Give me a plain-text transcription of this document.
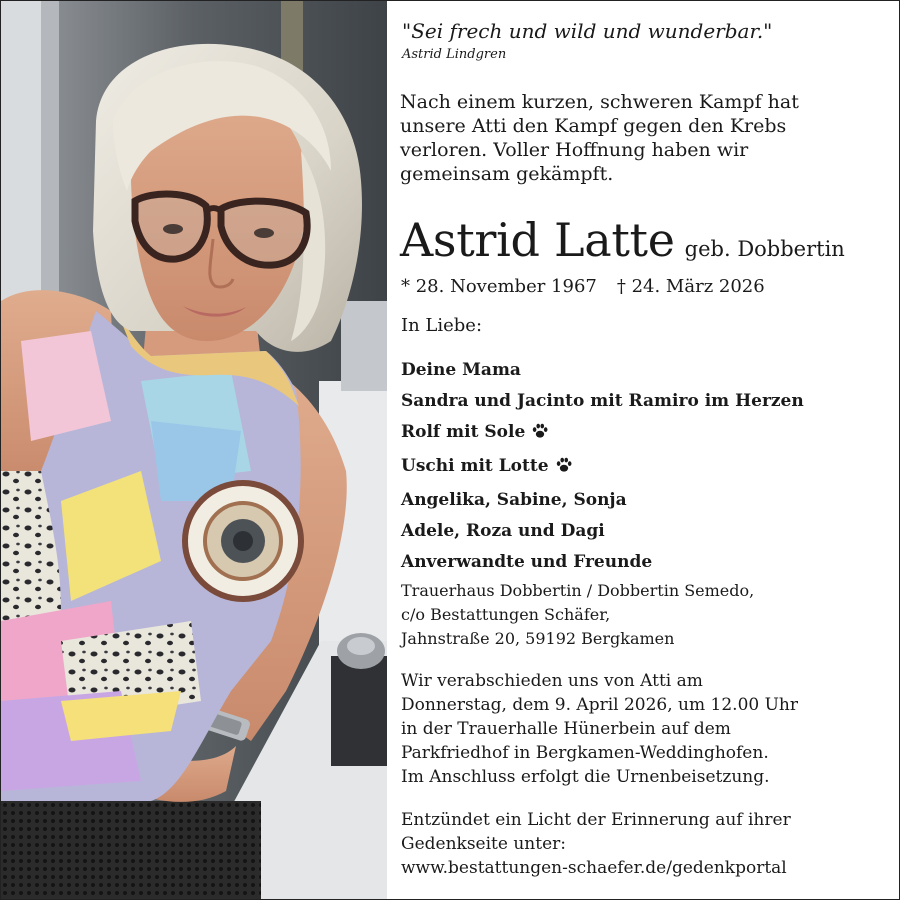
"Sei frech und wild und wunderbar."
Astrid Lindgren
Nach einem kurzen, schweren Kampf hat
unsere Atti den Kampf gegen den Krebs
verloren. Voller Hoffnung haben wir
gemeinsam gekämpft.
Astrid Latte geb. Dobbertin
* 28. November 1967 † 24. März 2026
In Liebe:
Deine Mama
Sandra und Jacinto mit Ramiro im Herzen
Rolf mit Sole
Uschi mit Lotte
Angelika, Sabine, Sonja
Adele, Roza und Dagi
Anverwandte und Freunde
Trauerhaus Dobbertin / Dobbertin Semedo,
c/o Bestattungen Schäfer,
Jahnstraße 20, 59192 Bergkamen
Wir verabschieden uns von Atti am
Donnerstag, dem 9. April 2026, um 12.00 Uhr
in der Trauerhalle Hünerbein auf dem
Parkfriedhof in Bergkamen-Weddinghofen.
Im Anschluss erfolgt die Urnenbeisetzung.
Entzündet ein Licht der Erinnerung auf ihrer
Gedenkseite unter:
www.bestattungen-schaefer.de/gedenkportal
